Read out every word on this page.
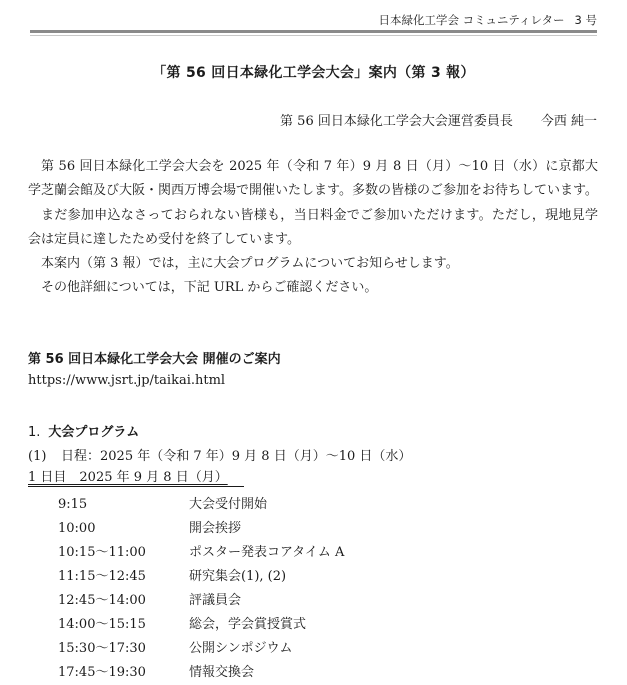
日本緑化工学会 コミュニティレター 3 号
「第 56 回日本緑化工学会大会」案内（第 3 報）
第 56 回日本緑化工学会大会運営委員長 今西 純一

第 56 回日本緑化工学会大会を 2025 年（令和 7 年）9 月 8 日（月）〜10 日（水）に京都大学芝蘭会館及び大阪・関西万博会場で開催いたします。多数の皆様のご参加をお待ちしています。

まだ参加申込なさっておられない皆様も，当日料金でご参加いただけます。ただし，現地見学会は定員に達したため受付を終了しています。

本案内（第 3 報）では，主に大会プログラムについてお知らせします。

その他詳細については，下記 URL からご確認ください。

第 56 回日本緑化工学会大会 開催のご案内
https://www.jsrt.jp/taikai.html
1. 大会プログラム
(1) 日程：2025 年（令和 7 年）9 月 8 日（月）〜10 日（水）
1 日目　2025 年 9 月 8 日（月）
9:15	大会受付開始
10:00	開会挨拶
10:15〜11:00	ポスター発表コアタイム A
11:15〜12:45	研究集会(1), (2)
12:45〜14:00	評議員会
14:00〜15:15	総会，学会賞授賞式
15:30〜17:30	公開シンポジウム
17:45〜19:30	情報交換会
